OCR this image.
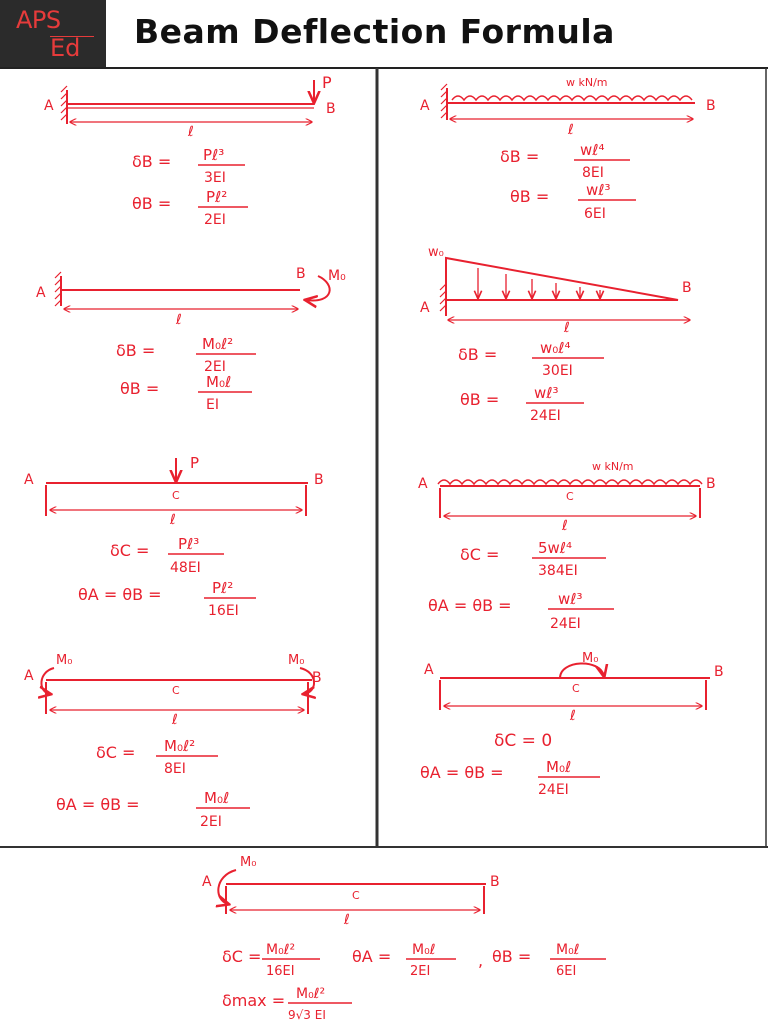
APS
Ed Beam Deflection Formula
A	B
P
ℓ
δB = Pℓ³
3EI
θB = Pℓ²
2EI
A	B
w kN/m
ℓ
δB =	wℓ⁴
8EI
θB = wℓ³
6EI
A
B M₀
ℓ
δB =	M₀ℓ²
2EI
θB =	M₀ℓ
EI
A
B
w₀
ℓ
δB =	w₀ℓ⁴
30EI
θB = wℓ³
24EI
A	B
P
C
ℓ
δC = Pℓ³
48EI
θA = θB =	Pℓ²
16EI
A	B
w kN/m
C
ℓ
δC =	5wℓ⁴
384EI
θA = θB =	wℓ³
24EI
A	B
M₀	M₀
C
ℓ
δC = M₀ℓ²
8EI
θA = θB =	M₀ℓ
2EI
A	B
M₀
C
ℓ
δC = 0
θA = θB =	M₀ℓ
24EI
A	B
M₀
C
ℓ
δC = M₀ℓ²
16EI
θA = M₀ℓ
2EI
, θB = M₀ℓ
6EI
δmax = M₀ℓ²
9√3 EI
